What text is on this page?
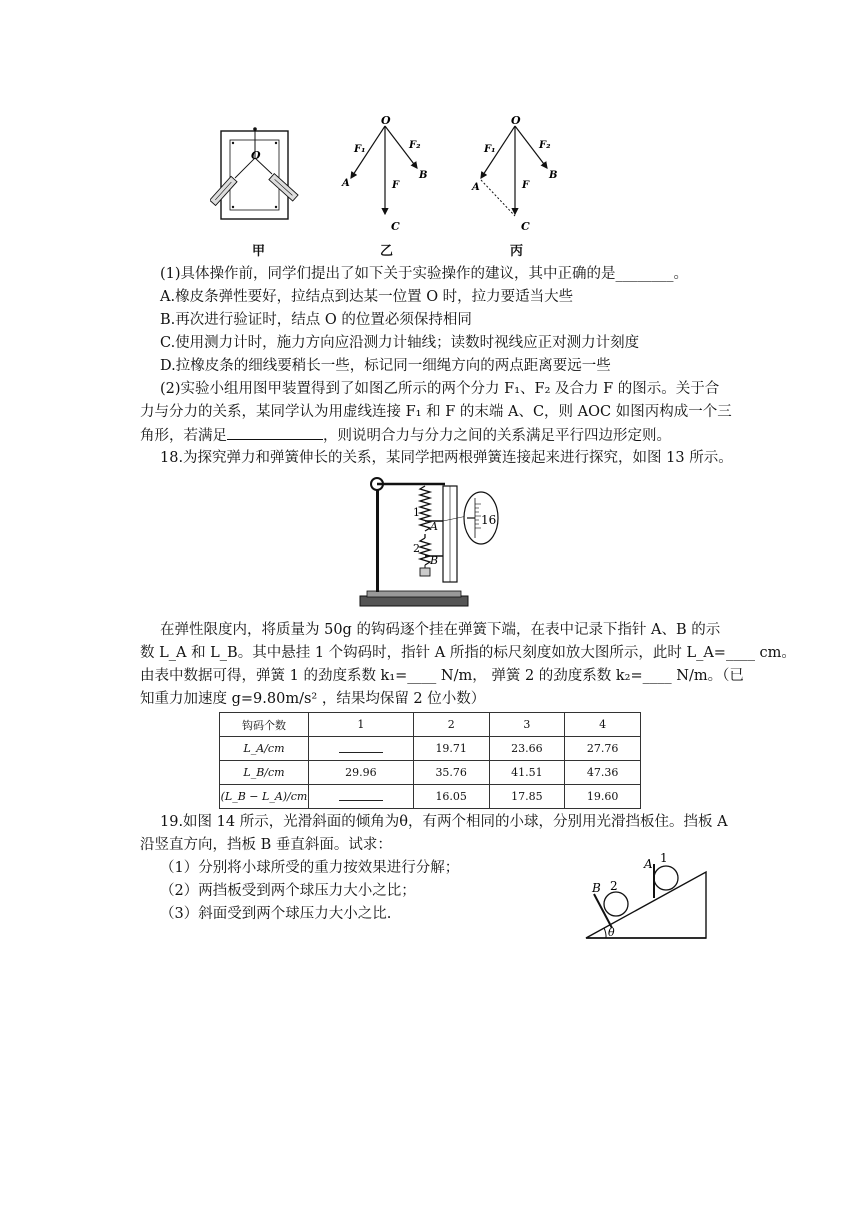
O
甲
O
F₁	F₂
A
B
F
C
乙
O
F₁	F₂
A
B
F
C
丙
(1)具体操作前，同学们提出了如下关于实验操作的建议，其中正确的是________。
A.橡皮条弹性要好，拉结点到达某一位置 O 时，拉力要适当大些
B.再次进行验证时，结点 O 的位置必须保持相同
C.使用测力计时，施力方向应沿测力计轴线；读数时视线应正对测力计刻度
D.拉橡皮条的细线要稍长一些，标记同一细绳方向的两点距离要远一些
(2)实验小组用图甲装置得到了如图乙所示的两个分力 F₁、F₂ 及合力 F 的图示。关于合
力与分力的关系，某同学认为用虚线连接 F₁ 和 F 的末端 A、C，则 AOC 如图丙构成一个三
角形，若满足	，则说明合力与分力之间的关系满足平行四边形定则。
18.为探究弹力和弹簧伸长的关系，某同学把两根弹簧连接起来进行探究，如图 13 所示。
16
1
A
2
B
在弹性限度内，将质量为 50g 的钩码逐个挂在弹簧下端，在表中记录下指针 A、B 的示
数 L_A 和 L_B。其中悬挂 1 个钩码时，指针 A 所指的标尺刻度如放大图所示，此时 L_A=____ cm。
由表中数据可得，弹簧 1 的劲度系数 k₁=____ N/m， 弹簧 2 的劲度系数 k₂=____ N/m。（已
知重力加速度 g=9.80m/s² ，结果均保留 2 位小数）
钩码个数	1	2	3	4
L_A/cm		19.71	23.66	27.76
L_B/cm	29.96	35.76	41.51	47.36
(L_B − L_A)/cm		16.05	17.85	19.60
19.如图 14 所示，光滑斜面的倾角为θ，有两个相同的小球，分别用光滑挡板住。挡板 A
沿竖直方向，挡板 B 垂直斜面。试求：
（1）分别将小球所受的重力按效果进行分解；
（2）两挡板受到两个球压力大小之比；
（3）斜面受到两个球压力大小之比.
θ
B 2
A 1
